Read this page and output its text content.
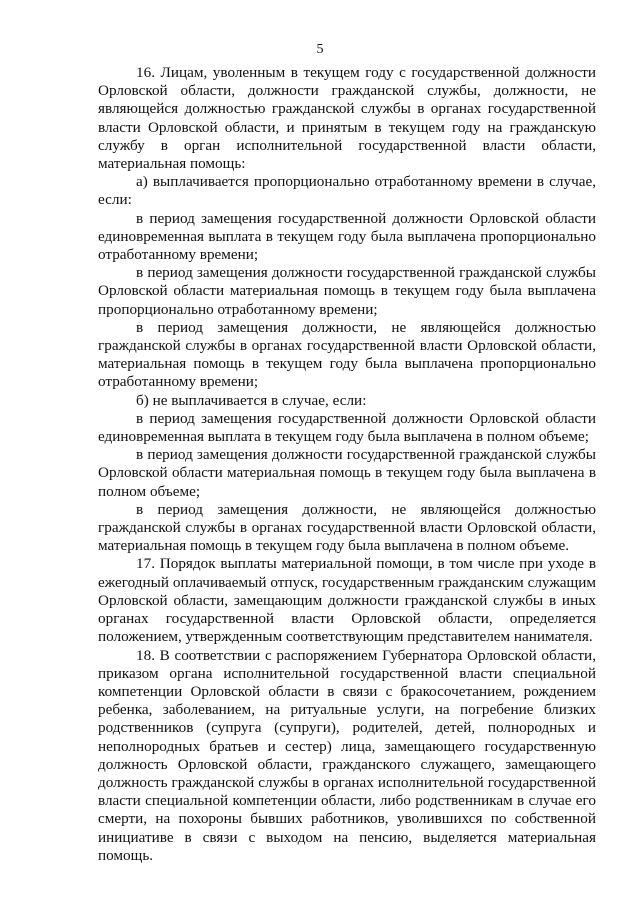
5

16. Лицам, уволенным в текущем году с государственной должности Орловской области, должности гражданской службы, должности, не являющейся должностью гражданской службы в органах государственной власти Орловской области, и принятым в текущем году на гражданскую службу в орган исполнительной государственной власти области, материальная помощь:

а) выплачивается пропорционально отработанному времени в случае, если:

в период замещения государственной должности Орловской области единовременная выплата в текущем году была выплачена пропорционально отработанному времени;

в период замещения должности государственной гражданской службы Орловской области материальная помощь в текущем году была выплачена пропорционально отработанному времени;

в период замещения должности, не являющейся должностью гражданской службы в органах государственной власти Орловской области, материальная помощь в текущем году была выплачена пропорционально отработанному времени;

б) не выплачивается в случае, если:

в период замещения государственной должности Орловской области единовременная выплата в текущем году была выплачена в полном объеме;

в период замещения должности государственной гражданской службы Орловской области материальная помощь в текущем году была выплачена в полном объеме;

в период замещения должности, не являющейся должностью гражданской службы в органах государственной власти Орловской области, материальная помощь в текущем году была выплачена в полном объеме.

17. Порядок выплаты материальной помощи, в том числе при уходе в ежегодный оплачиваемый отпуск, государственным гражданским служащим Орловской области, замещающим должности гражданской службы в иных органах государственной власти Орловской области, определяется положением, утвержденным соответствующим представителем нанимателя.

18. В соответствии с распоряжением Губернатора Орловской области, приказом органа исполнительной государственной власти специальной компетенции Орловской области в связи с бракосочетанием, рождением ребенка, заболеванием, на ритуальные услуги, на погребение близких родственников (супруга (супруги), родителей, детей, полнородных и неполнородных братьев и сестер) лица, замещающего государственную должность Орловской области, гражданского служащего, замещающего должность гражданской службы в органах исполнительной государственной власти специальной компетенции области, либо родственникам в случае его смерти, на похороны бывших работников, уволившихся по собственной инициативе в связи с выходом на пенсию, выделяется материальная помощь.
